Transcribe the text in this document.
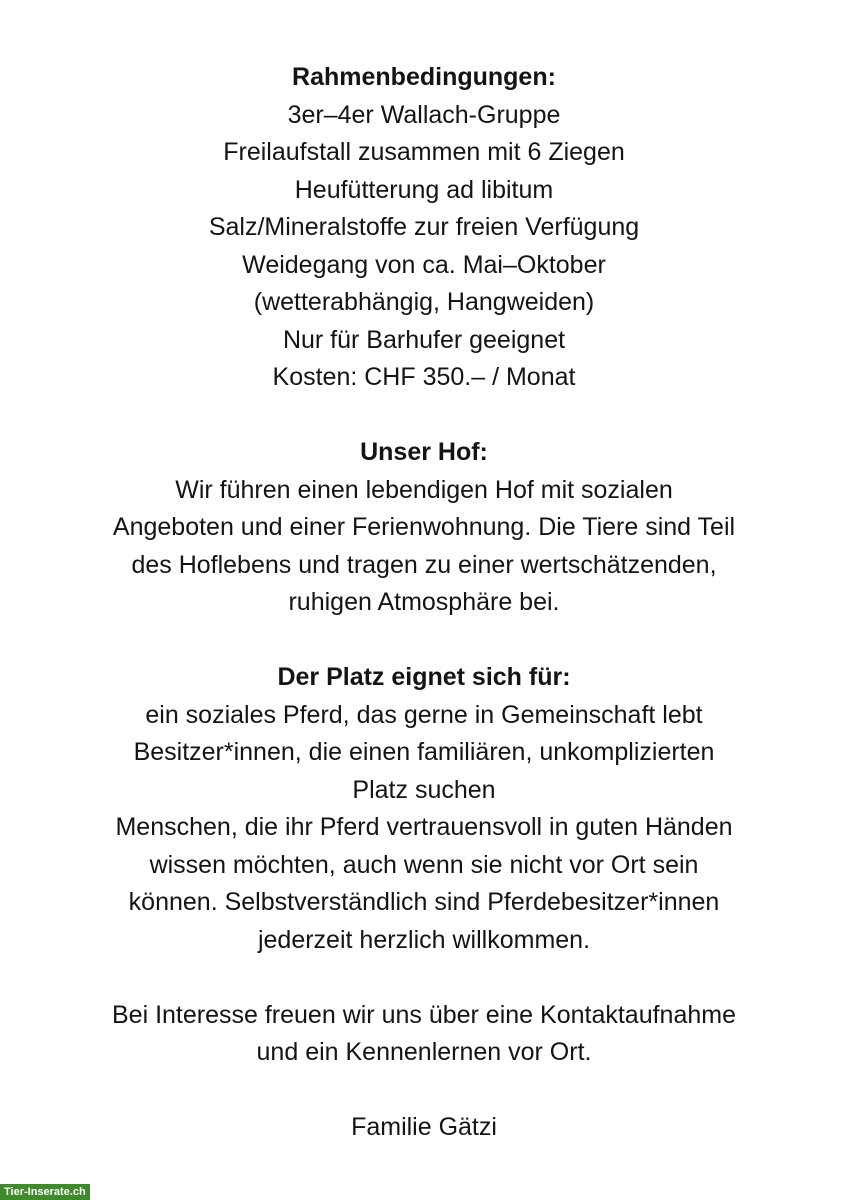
Rahmenbedingungen:
3er–4er Wallach-Gruppe
Freilaufstall zusammen mit 6 Ziegen
Heufütterung ad libitum
Salz/Mineralstoffe zur freien Verfügung
Weidegang von ca. Mai–Oktober
(wetterabhängig, Hangweiden)
Nur für Barhufer geeignet
Kosten: CHF 350.– / Monat
Unser Hof:
Wir führen einen lebendigen Hof mit sozialen
Angeboten und einer Ferienwohnung. Die Tiere sind Teil
des Hoflebens und tragen zu einer wertschätzenden,
ruhigen Atmosphäre bei.
Der Platz eignet sich für:
ein soziales Pferd, das gerne in Gemeinschaft lebt
Besitzer*innen, die einen familiären, unkomplizierten
Platz suchen
Menschen, die ihr Pferd vertrauensvoll in guten Händen
wissen möchten, auch wenn sie nicht vor Ort sein
können. Selbstverständlich sind Pferdebesitzer*innen
jederzeit herzlich willkommen.
Bei Interesse freuen wir uns über eine Kontaktaufnahme
und ein Kennenlernen vor Ort.
Familie Gätzi
Tier-Inserate.ch
